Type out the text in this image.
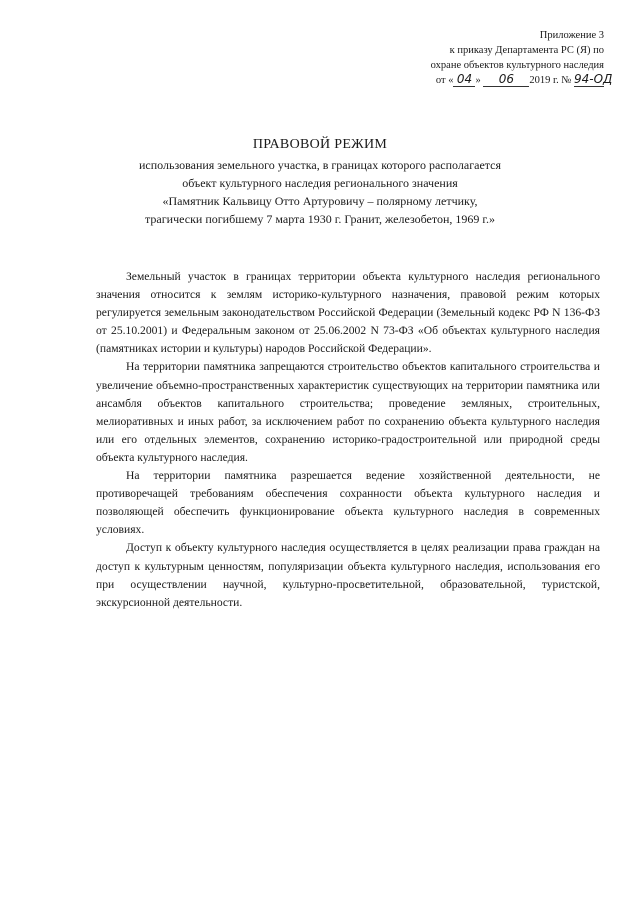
Приложение 3
к приказу Департамента РС (Я) по
охране объектов культурного наследия
от « 04 » 06 2019 г. № 94-ОД
ПРАВОВОЙ РЕЖИМ
использования земельного участка, в границах которого располагается
объект культурного наследия регионального значения
«Памятник Кальвицу Отто Артуровичу – полярному летчику,
трагически погибшему 7 марта 1930 г. Гранит, железобетон, 1969 г.»

Земельный участок в границах территории объекта культурного наследия регионального значения относится к землям историко-культурного назначения, правовой режим которых регулируется земельным законодательством Российской Федерации (Земельный кодекс РФ N 136-ФЗ от 25.10.2001) и Федеральным законом от 25.06.2002 N 73-ФЗ «Об объектах культурного наследия (памятниках истории и культуры) народов Российской Федерации».

На территории памятника запрещаются строительство объектов капитального строительства и увеличение объемно-пространственных характеристик существующих на территории памятника или ансамбля объектов капитального строительства; проведение земляных, строительных, мелиоративных и иных работ, за исключением работ по сохранению объекта культурного наследия или его отдельных элементов, сохранению историко-градостроительной или природной среды объекта культурного наследия.

На территории памятника разрешается ведение хозяйственной деятельности, не противоречащей требованиям обеспечения сохранности объекта культурного наследия и позволяющей обеспечить функционирование объекта культурного наследия в современных условиях.

Доступ к объекту культурного наследия осуществляется в целях реализации права граждан на доступ к культурным ценностям, популяризации объекта культурного наследия, использования его при осуществлении научной, культурно-просветительной, образовательной, туристской, экскурсионной деятельности.
